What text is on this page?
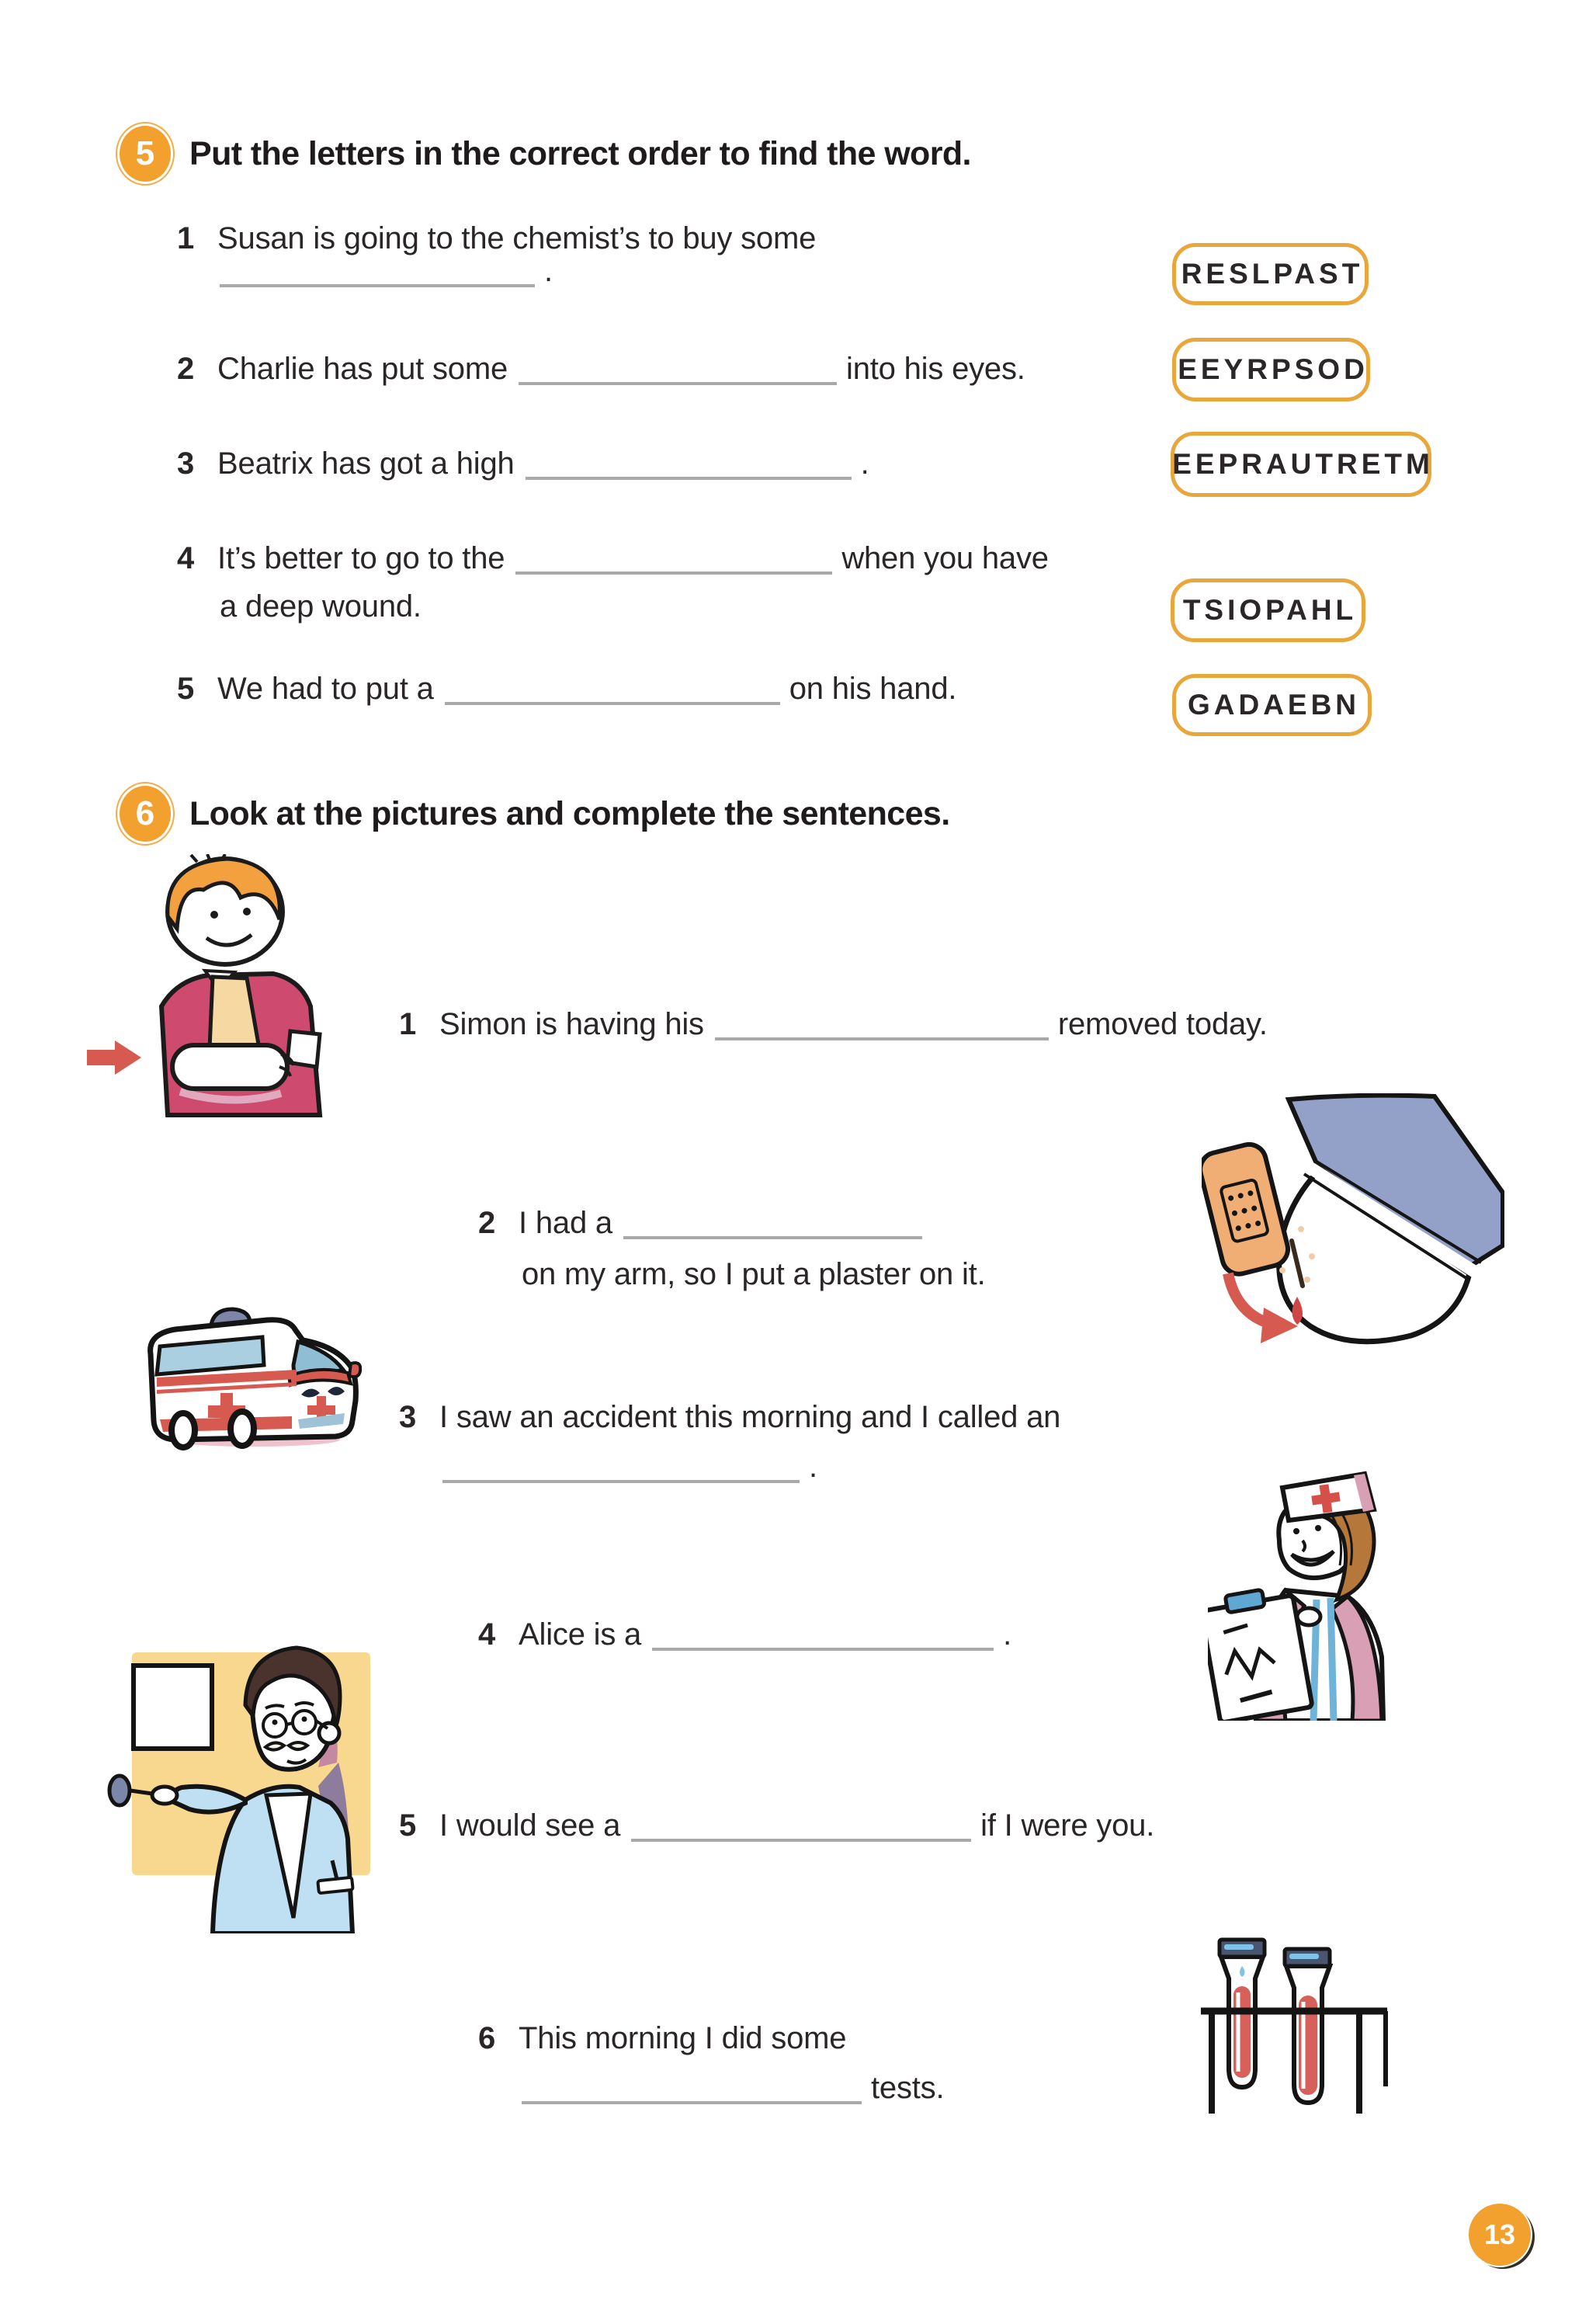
5	Put the letters in the correct order to find the word.
1 Susan is going to the chemist’s to buy some
.
2 Charlie has put some	into his eyes.
3 Beatrix has got a high	.
4 It’s better to go to the	when you have
a deep wound.
5 We had to put a	on his hand.
RESLPAST
EEYRPSOD
EEPRAUTRETM
TSIOPAHL
GADAEBN
6	Look at the pictures and complete the sentences.
1 Simon is having his	removed today.
2 I had a
on my arm, so I put a plaster on it.
3 I saw an accident this morning and I called an
.
4 Alice is a	.
5 I would see a	if I were you.
6 This morning I did some
tests.
13
